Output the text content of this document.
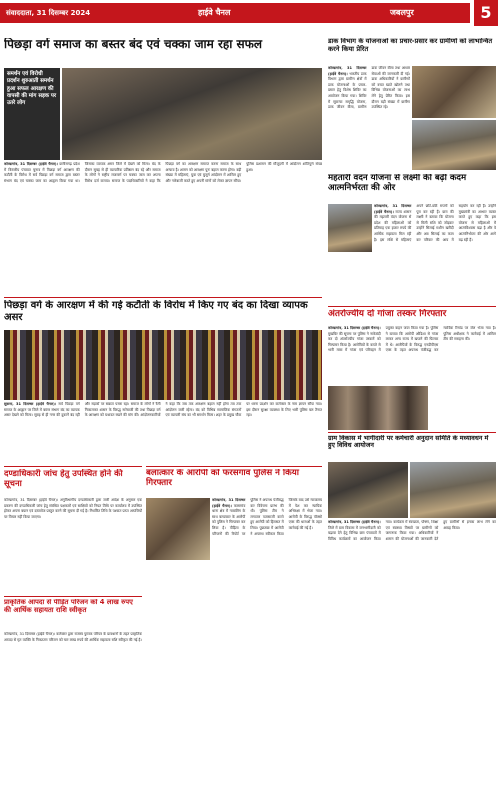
संवाददाता, 31 दिसम्बर 2024	हाईवे चैनल	जबलपुर	5
पिछड़ा वर्ग समाज का बस्तर बंद एवं चक्का जाम रहा सफल
समर्थन एवं विरोधी प्रदर्शन शुरुआती समर्थन हुआ सफल आरक्षण की वापसी की मांग सड़क पर उतरे लोग
कोण्डागांव, 31 दिसम्बर (हाईवे चैनल)। छत्तीसगढ़ प्रदेश में त्रिस्तरीय पंचायत चुनाव में पिछड़ा वर्ग आरक्षण की कटौती के विरोध में सर्व पिछड़ा वर्ग समाज द्वारा बस्तर संभाग बंद एवं चक्का जाम का आह्वान किया गया था। जिसका व्यापक असर जिले में देखने को मिला। बंद के दौरान सुबह से ही व्यापारिक प्रतिष्ठान बंद रहे और समाज के लोगों ने राष्ट्रीय राजमार्ग पर चक्का जाम कर अपना विरोध दर्ज कराया। समाज के पदाधिकारियों ने कहा कि पिछड़ा वर्ग का आरक्षण समाप्त करना समाज के साथ अन्याय है। शासन को आरक्षण पुनः बहाल करना होगा। बड़ी संख्या में महिलाएं, युवा एवं बुजुर्ग आंदोलन में शामिल हुए और नारेबाजी करते हुए अपनी मांगों को लेकर ज्ञापन सौंपा। पुलिस प्रशासन की मौजूदगी में आंदोलन शांतिपूर्ण संपन्न हुआ।
डाक विभाग के योजनाओं का प्रचार-प्रसार कर ग्रामीणों को लाभान्वित करने किया प्रेरित
कोण्डागांव, 31 दिसम्बर (हाईवे चैनल)। भारतीय डाक विभाग द्वारा ग्रामीण क्षेत्रों में डाक योजनाओं के प्रचार-प्रसार हेतु विशेष शिविर का आयोजन किया गया। शिविर में सुकन्या समृद्धि योजना, डाक जीवन बीमा, ग्रामीण डाक जीवन बीमा तथा आधार सेवाओं की जानकारी दी गई। डाक अधिकारियों ने ग्रामीणों को बचत खाते खोलने तथा विभिन्न योजनाओं का लाभ लेने हेतु प्रेरित किया। इस दौरान बड़ी संख्या में ग्रामीण उपस्थित रहे।
महतारी वंदन योजना से लक्ष्मी की बढ़ी कदम आत्मनिर्भरता की ओर
कोण्डागांव, 31 दिसम्बर (हाईवे चैनल)। राज्य शासन की महतारी वंदन योजना से प्रदेश की महिलाओं को प्रतिमाह एक हजार रुपये की आर्थिक सहायता मिल रही है। इस राशि से महिलाएं अपने छोटे-छोटे सपनों को पूरा कर रही हैं। ग्राम की लक्ष्मी ने बताया कि योजना से मिली राशि को जोड़कर उन्होंने सिलाई मशीन खरीदी और अब सिलाई का काम कर परिवार की आय में सहयोग कर रही हैं। उन्होंने मुख्यमंत्री का आभार व्यक्त करते हुए कहा कि इस योजना से महिलाओं में आत्मविश्वास बढ़ा है और वे आत्मनिर्भरता की ओर आगे बढ़ रही हैं।
पिछड़ा वर्ग के आरक्षण में की गई कटौती के विरोध में किए गए बंद का दिखा व्यापक असर
सुकमा, 31 दिसम्बर (हाईवे चैनल)। सर्व पिछड़ा वर्ग समाज के आह्वान पर जिले में बस्तर संभाग बंद का व्यापक असर देखने को मिला। सुबह से ही नगर की दुकानें बंद रहीं और सड़कों पर सन्नाटा पसरा रहा। समाज के लोगों ने रैली निकालकर शासन के विरुद्ध नारेबाजी की तथा पिछड़ा वर्ग के आरक्षण को यथावत रखने की मांग की। आंदोलनकारियों ने कहा कि जब तक आरक्षण बहाल नहीं होगा तब तक आंदोलन जारी रहेगा। बंद को विभिन्न सामाजिक संगठनों एवं व्यापारी संघ का भी समर्थन मिला। शहर के प्रमुख चौक पर धरना प्रदर्शन कर कलेक्टर के नाम ज्ञापन सौंपा गया। इस दौरान सुरक्षा व्यवस्था के लिए भारी पुलिस बल तैनात रहा।
अंतर्राज्यीय दो गांजा तस्कर गिरफ्तार
कोण्डागांव, 31 दिसम्बर (हाईवे चैनल)। मुखबिर की सूचना पर पुलिस ने नाकेबंदी कर दो अंतर्राज्यीय गांजा तस्करों को गिरफ्तार किया है। आरोपियों के कब्जे से भारी मात्रा में गांजा एवं परिवहन में प्रयुक्त वाहन जब्त किया गया है। पुलिस ने बताया कि आरोपी ओडिशा से गांजा लाकर अन्य राज्य में खपाने की फिराक में थे। आरोपियों के विरुद्ध एनडीपीएस एक्ट के तहत अपराध पंजीबद्ध कर न्यायिक रिमांड पर जेल भेजा गया है। पुलिस अधीक्षक ने कार्रवाई में शामिल टीम की सराहना की।
दण्डाधिकारी जांच हेतु उपस्थित होने की सूचना
कोण्डागांव, 31 दिसम्बर (हाईवे चैनल)। अनुविभागीय दण्डाधिकारी द्वारा जारी आदेश के अनुसार एक प्रकरण की दण्डाधिकारी जांच हेतु संबंधित पक्षकारों एवं साक्षियों को नियत तिथि पर कार्यालय में उपस्थित होकर अपना बयान एवं दस्तावेज प्रस्तुत करने की सूचना दी गई है। निर्धारित तिथि के पश्चात प्राप्त आपत्तियों पर विचार नहीं किया जाएगा।
प्राकृतिक आपदा से पीड़ित परिजन को 4 लाख रुपए की आर्थिक सहायता राशि स्वीकृत
कोण्डागांव, 31 दिसम्बर (हाईवे चैनल)। कलेक्टर द्वारा राजस्व पुस्तक परिपत्र के प्रावधानों के तहत प्राकृतिक आपदा से मृत व्यक्ति के निकटतम परिजन को चार लाख रुपये की आर्थिक सहायता राशि स्वीकृत की गई है।
बलात्कार के आरोपी को फरसगांव पुलिस ने किया गिरफ्तार
कोण्डागांव, 31 दिसम्बर (हाईवे चैनल)। फरसगांव थाना क्षेत्र में नाबालिग के साथ बलात्कार के आरोपी को पुलिस ने गिरफ्तार कर लिया है। पीड़िता के परिजनों की रिपोर्ट पर पुलिस ने अपराध पंजीबद्ध कर विवेचना प्रारंभ की थी। पुलिस टीम ने लगातार पतासाजी करते हुए आरोपी को हिरासत में लिया। पूछताछ में आरोपी ने अपराध स्वीकार किया जिसके बाद उसे न्यायालय में पेश कर न्यायिक अभिरक्षा में भेजा गया। आरोपी के विरुद्ध पॉक्सो एक्ट की धाराओं के तहत कार्रवाई की गई है।
ग्राम विकास में भागीदारी पर कर्मचारी अनुदान समिति के मध्यावधन में हुए विविध आयोजन
कोण्डागांव, 31 दिसम्बर (हाईवे चैनल)। जिले में ग्राम विकास में जनभागीदारी को बढ़ावा देने हेतु विभिन्न ग्राम पंचायतों में विविध कार्यक्रमों का आयोजन किया गया। कार्यक्रम में स्वच्छता, पोषण, शिक्षा एवं स्वास्थ्य विषयों पर ग्रामीणों को जागरूक किया गया। अधिकारियों ने शासन की योजनाओं की जानकारी देते हुए ग्रामीणों से इनका लाभ लेने का आग्रह किया।
